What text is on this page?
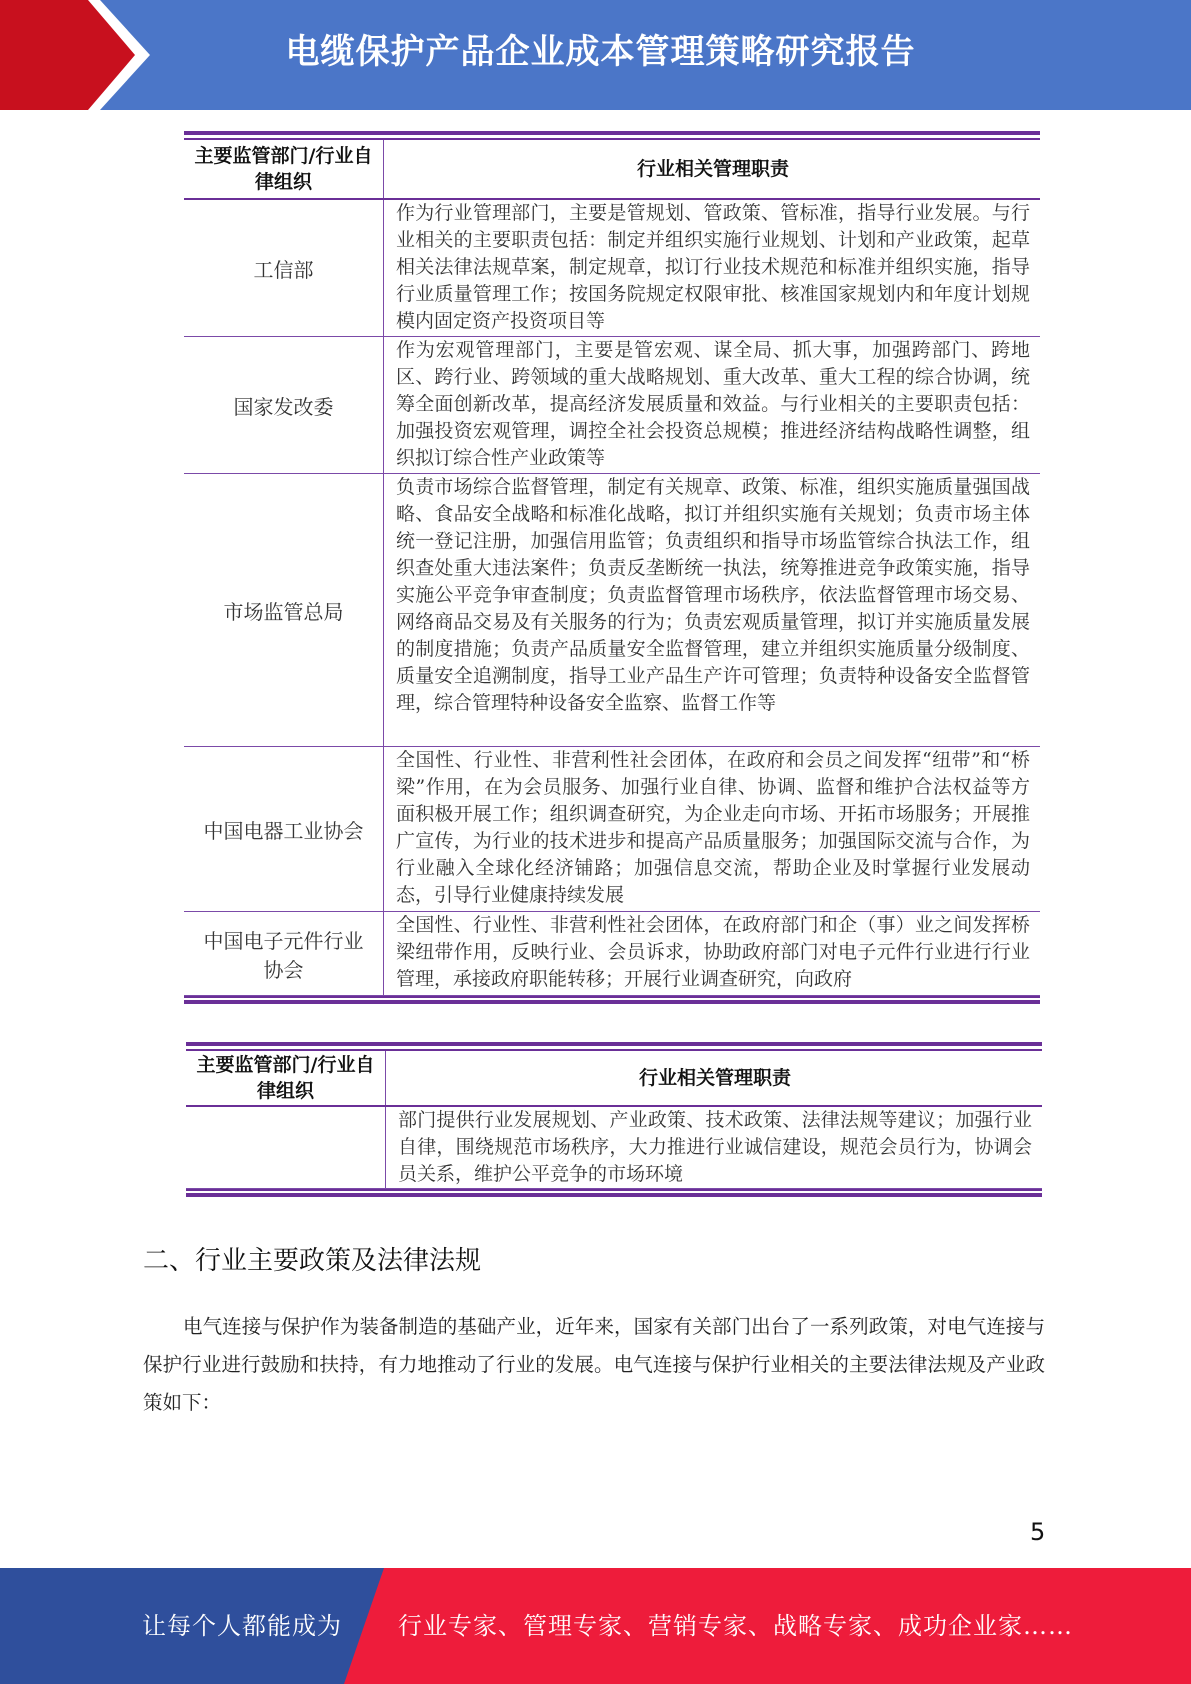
电缆保护产品企业成本管理策略研究报告
主要监管部门/行业自律组织
行业相关管理职责
工信部
作为行业管理部门，主要是管规划、管政策、管标准，指导行业发展。与行业相关的主要职责包括：制定并组织实施行业规划、计划和产业政策，起草相关法律法规草案，制定规章，拟订行业技术规范和标准并组织实施，指导行业质量管理工作；按国务院规定权限审批、核准国家规划内和年度计划规模内固定资产投资项目等
国家发改委
作为宏观管理部门，主要是管宏观、谋全局、抓大事，加强跨部门、跨地区、跨行业、跨领域的重大战略规划、重大改革、重大工程的综合协调，统筹全面创新改革，提高经济发展质量和效益。与行业相关的主要职责包括：加强投资宏观管理，调控全社会投资总规模；推进经济结构战略性调整，组织拟订综合性产业政策等
市场监管总局
负责市场综合监督管理，制定有关规章、政策、标准，组织实施质量强国战略、食品安全战略和标准化战略，拟订并组织实施有关规划；负责市场主体统一登记注册，加强信用监管；负责组织和指导市场监管综合执法工作，组织查处重大违法案件；负责反垄断统一执法，统筹推进竞争政策实施，指导实施公平竞争审查制度；负责监督管理市场秩序，依法监督管理市场交易、网络商品交易及有关服务的行为；负责宏观质量管理，拟订并实施质量发展的制度措施；负责产品质量安全监督管理，建立并组织实施质量分级制度、质量安全追溯制度，指导工业产品生产许可管理；负责特种设备安全监督管理，综合管理特种设备安全监察、监督工作等
中国电器工业协会
全国性、行业性、非营利性社会团体，在政府和会员之间发挥“纽带”和“桥梁”作用，在为会员服务、加强行业自律、协调、监督和维护合法权益等方面积极开展工作；组织调查研究，为企业走向市场、开拓市场服务；开展推广宣传，为行业的技术进步和提高产品质量服务；加强国际交流与合作，为行业融入全球化经济铺路；加强信息交流，帮助企业及时掌握行业发展动态，引导行业健康持续发展
中国电子元件行业协会
全国性、行业性、非营利性社会团体，在政府部门和企（事）业之间发挥桥梁纽带作用，反映行业、会员诉求，协助政府部门对电子元件行业进行行业管理，承接政府职能转移；开展行业调查研究，向政府
主要监管部门/行业自律组织
行业相关管理职责
部门提供行业发展规划、产业政策、技术政策、法律法规等建议；加强行业自律，围绕规范市场秩序，大力推进行业诚信建设，规范会员行为，协调会员关系，维护公平竞争的市场环境
二、行业主要政策及法律法规
电气连接与保护作为装备制造的基础产业，近年来，国家有关部门出台了一系列政策，对电气连接与保护行业进行鼓励和扶持，有力地推动了行业的发展。电气连接与保护行业相关的主要法律法规及产业政策如下：
5
让每个人都能成为 行业专家、管理专家、营销专家、战略专家、成功企业家……
